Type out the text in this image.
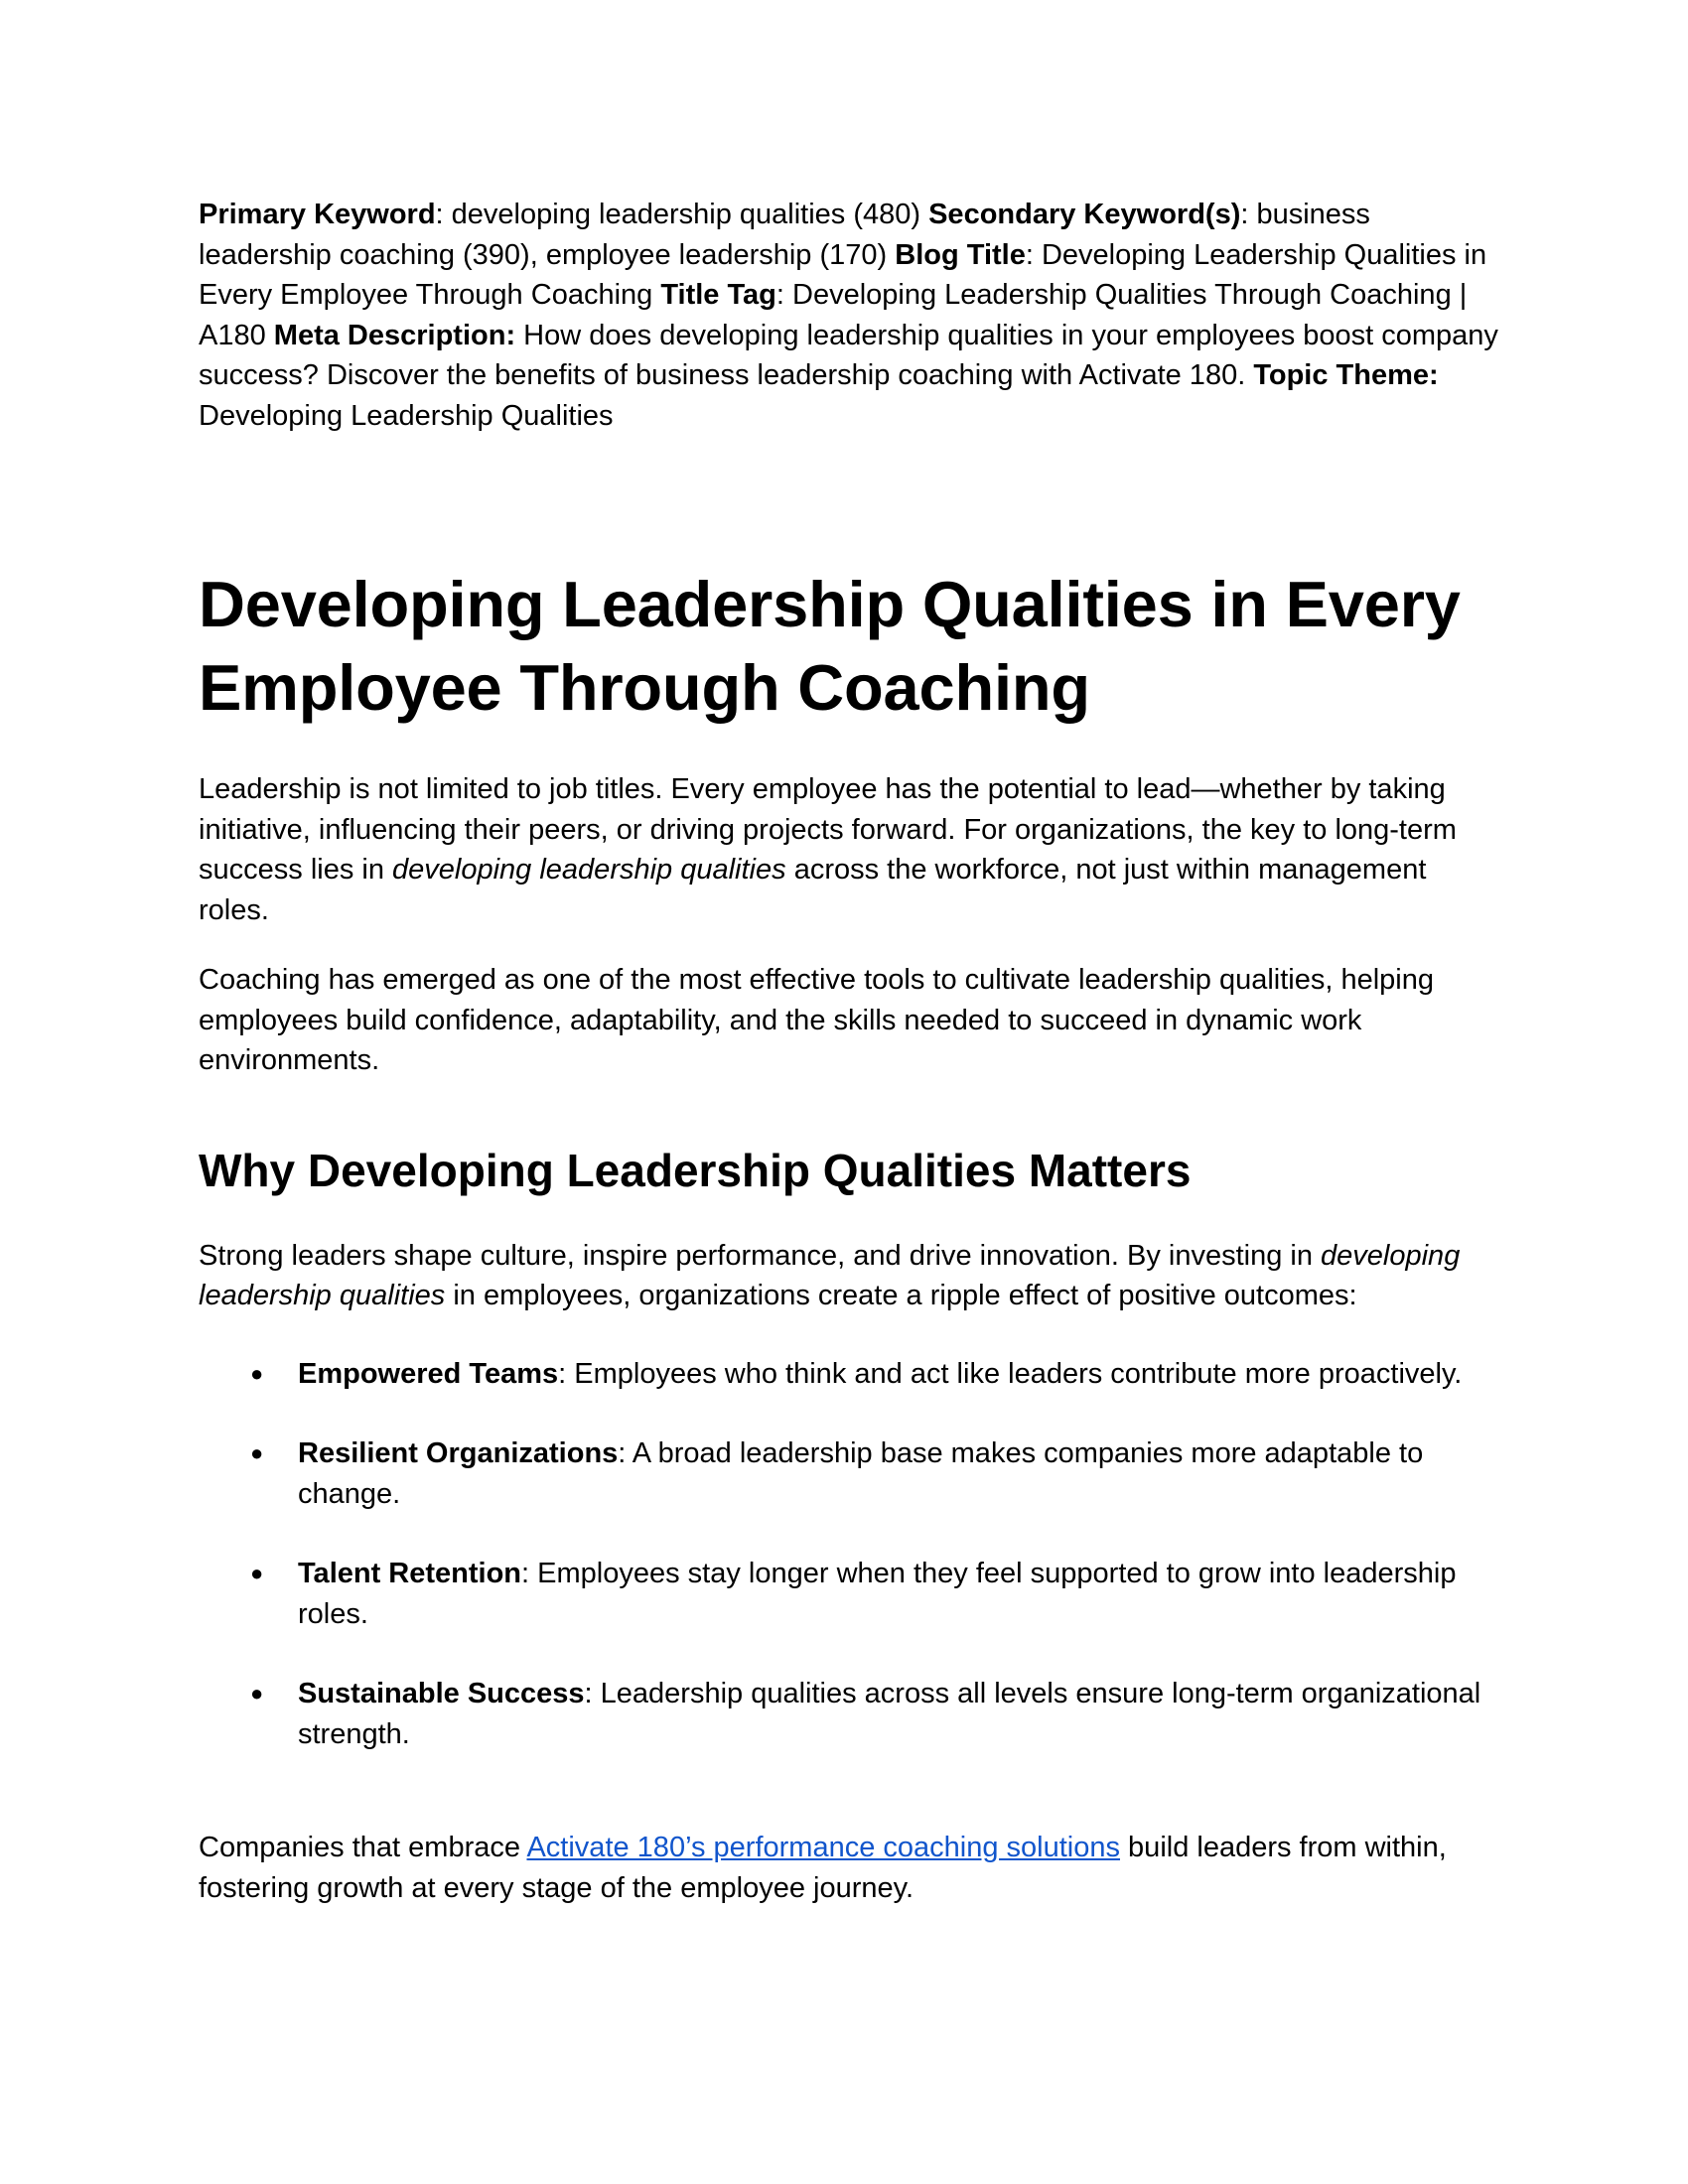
Primary Keyword: developing leadership qualities (480) Secondary Keyword(s): business leadership coaching (390), employee leadership (170) Blog Title: Developing Leadership Qualities in Every Employee Through Coaching Title Tag: Developing Leadership Qualities Through Coaching | A180 Meta Description: How does developing leadership qualities in your employees boost company success? Discover the benefits of business leadership coaching with Activate 180. Topic Theme: Developing Leadership Qualities

Developing Leadership Qualities in Every Employee Through Coaching

Leadership is not limited to job titles. Every employee has the potential to lead—whether by taking initiative, influencing their peers, or driving projects forward. For organizations, the key to long-term success lies in developing leadership qualities across the workforce, not just within management roles.

Coaching has emerged as one of the most effective tools to cultivate leadership qualities, helping employees build confidence, adaptability, and the skills needed to succeed in dynamic work environments.

Why Developing Leadership Qualities Matters

Strong leaders shape culture, inspire performance, and drive innovation. By investing in developing leadership qualities in employees, organizations create a ripple effect of positive outcomes:

● Empowered Teams: Employees who think and act like leaders contribute more proactively.
● Resilient Organizations: A broad leadership base makes companies more adaptable to change.
● Talent Retention: Employees stay longer when they feel supported to grow into leadership roles.
● Sustainable Success: Leadership qualities across all levels ensure long-term organizational strength.

Companies that embrace Activate 180’s performance coaching solutions build leaders from within, fostering growth at every stage of the employee journey.
